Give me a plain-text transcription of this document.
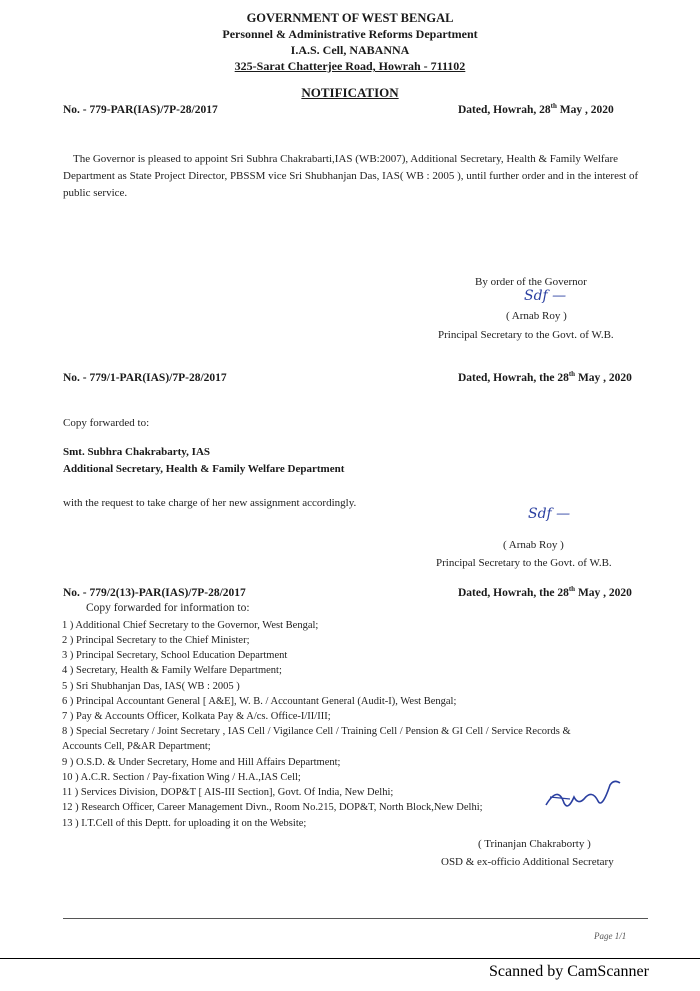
GOVERNMENT OF WEST BENGAL
Personnel & Administrative Reforms Department
I.A.S. Cell, NABANNA
325-Sarat Chatterjee Road, Howrah - 711102
NOTIFICATION
No. - 779-PAR(IAS)/7P-28/2017	Dated, Howrah, 28th May , 2020
The Governor is pleased to appoint Sri Subhra Chakrabarti,IAS (WB:2007), Additional Secretary, Health & Family Welfare Department as State Project Director, PBSSM vice Sri Shubhanjan Das, IAS( WB : 2005 ), until further order and in the interest of public service.
By order of the Governor
Sdf —
( Arnab Roy )
Principal Secretary to the Govt. of W.B.
No. - 779/1-PAR(IAS)/7P-28/2017	Dated, Howrah, the 28th May , 2020
Copy forwarded to:
Smt. Subhra Chakrabarty, IAS
Additional Secretary, Health & Family Welfare Department
with the request to take charge of her new assignment accordingly.
Sdf —
( Arnab Roy )
Principal Secretary to the Govt. of W.B.
No. - 779/2(13)-PAR(IAS)/7P-28/2017	Dated, Howrah, the 28th May , 2020
Copy forwarded for information to:
1 ) Additional Chief Secretary to the Governor, West Bengal;
2 ) Principal Secretary to the Chief Minister;
3 ) Principal Secretary, School Education Department
4 ) Secretary, Health & Family Welfare Department;
5 ) Sri Shubhanjan Das, IAS( WB : 2005 )
6 ) Principal Accountant General [ A&E], W. B. / Accountant General (Audit-I), West Bengal;
7 ) Pay & Accounts Officer, Kolkata Pay & A/cs. Office-I/II/III;
8 ) Special Secretary / Joint Secretary , IAS Cell / Vigilance Cell / Training Cell / Pension & GI Cell / Service Records &
Accounts Cell, P&AR Department;
9 ) O.S.D. & Under Secretary, Home and Hill Affairs Department;
10 ) A.C.R. Section / Pay-fixation Wing / H.A.,IAS Cell;
11 ) Services Division, DOP&T [ AIS-III Section], Govt. Of India, New Delhi;
12 ) Research Officer, Career Management Divn., Room No.215, DOP&T, North Block,New Delhi;
13 ) I.T.Cell of this Deptt. for uploading it on the Website;
( Trinanjan Chakraborty )
OSD & ex-officio Additional Secretary
Page 1/1
Scanned by CamScanner
